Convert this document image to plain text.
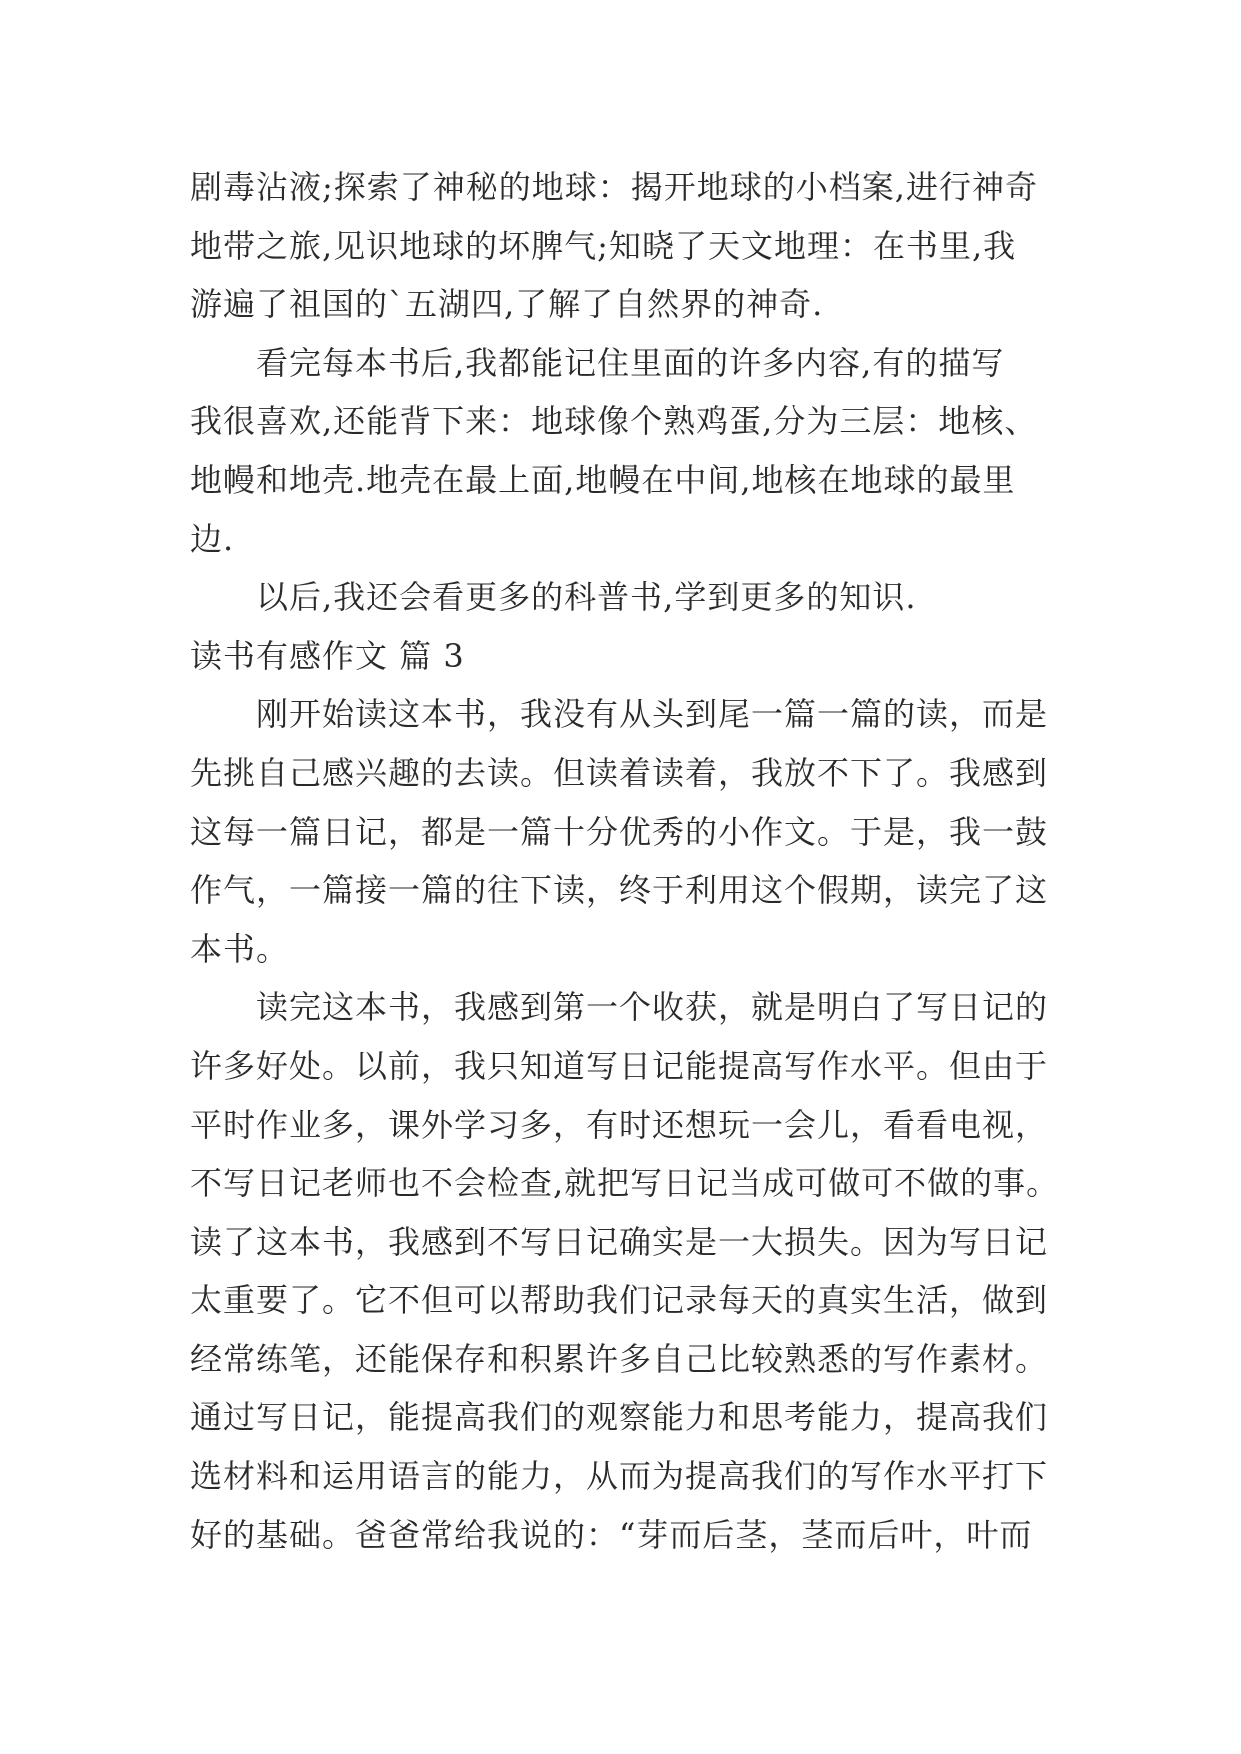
剧毒沾液;探索了神秘的地球：揭开地球的小档案,进行神奇
地带之旅,见识地球的坏脾气;知晓了天文地理：在书里,我
游遍了祖国的`五湖四,了解了自然界的神奇.
看完每本书后,我都能记住里面的许多内容,有的描写
我很喜欢,还能背下来：地球像个熟鸡蛋,分为三层：地核、
地幔和地壳.地壳在最上面,地幔在中间,地核在地球的最里
边.
以后,我还会看更多的科普书,学到更多的知识.
读书有感作文 篇 3
刚开始读这本书，我没有从头到尾一篇一篇的读，而是
先挑自己感兴趣的去读。但读着读着，我放不下了。我感到
这每一篇日记，都是一篇十分优秀的小作文。于是，我一鼓
作气，一篇接一篇的往下读，终于利用这个假期，读完了这
本书。
读完这本书，我感到第一个收获，就是明白了写日记的
许多好处。以前，我只知道写日记能提高写作水平。但由于
平时作业多，课外学习多，有时还想玩一会儿，看看电视，
不写日记老师也不会检查,就把写日记当成可做可不做的事。
读了这本书，我感到不写日记确实是一大损失。因为写日记
太重要了。它不但可以帮助我们记录每天的真实生活，做到
经常练笔，还能保存和积累许多自己比较熟悉的写作素材。
通过写日记，能提高我们的观察能力和思考能力，提高我们
选材料和运用语言的能力，从而为提高我们的写作水平打下
好的基础。爸爸常给我说的：“芽而后茎，茎而后叶，叶而
